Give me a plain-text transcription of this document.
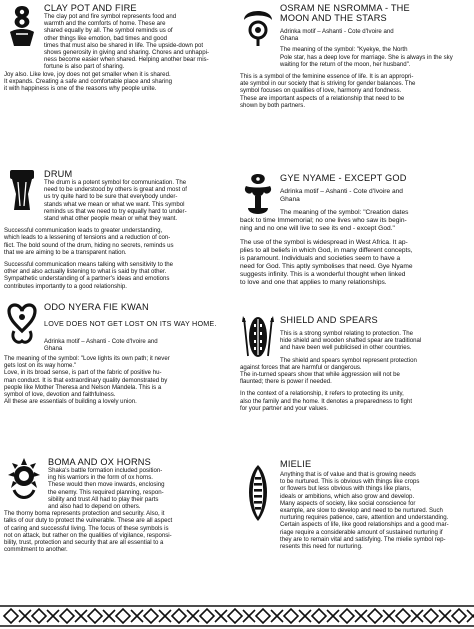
CLAY POT AND FIRE

The clay pot and fire symbol represents food and
warmth and the comforts of home. These are
shared equally by all. The symbol reminds us of
other things like emotion, bad times and good
times that must also be shared in life. The upside-down pot
shows generosity in giving and sharing. Chores and unhappi-
ness become easier when shared. Helping another bear mis-
fortune is also part of sharing.

Joy also. Like love, joy does not get smaller when it is shared.
It expands. Creating a safe and comfortable place and sharing
it with happiness is one of the reasons why people unite.

DRUM

The drum is a potent symbol for communication. The
need to be understood by others is great and most of
us try quite hard to be sure that everybody under-
stands what we mean or what we want. This symbol
reminds us that we need to try equally hard to under-
stand what other people mean or what they want.

Successful communication leads to greater understanding,
which leads to a lessening of tensions and a reduction of con-
flict. The bold sound of the drum, hiding no secrets, reminds us
that we are aiming to be a transparent nation.

Successful communication means talking with sensitivity to the
other and also actually listening to what is said by that other.
Sympathetic understanding of a partner's ideas and emotions
contributes importantly to a good relationship.

ODO NYERA FIE KWAN
LOVE DOES NOT GET LOST ON ITS WAY HOME.

Adrinka motif – Ashanti - Cote d'Ivoire and
Ghana

The meaning of the symbol: "Love lights its own path; it never
gets lost on its way home."
Love, in its broad sense, is part of the fabric of positive hu-
man conduct. It is that extraordinary quality demonstrated by
people like Mother Theresa and Nelson Mandela. This is a
symbol of love, devotion and faithfulness.
All these are essentials of building a lovely union.

BOMA AND OX HORNS

Shaka's battle formation included position-
ing his warriors in the form of ox horns.
These would then move inwards, enclosing
the enemy. This required planning, respon-
sibility and trust All had to play their parts
and also had to depend on others.

The thorny boma represents protection and security. Also, it
talks of our duty to protect the vulnerable. These are all aspect
of caring and successful living. The focus of these symbols is
not on attack, but rather on the qualities of vigilance, responsi-
bility, trust, protection and security that are all essential to a
commitment to another.

OSRAM NE NSROMMA - THE
MOON AND THE STARS

Adrinka motif – Ashanti - Cote d'Ivoire and
Ghana

The meaning of the symbol: "Kyekye, the North
Pole star, has a deep love for marriage. She is always in the sky
waiting for the return of the moon, her husband".

This is a symbol of the feminine essence of life. It is an appropri-
ate symbol in our society that is striving for gender balances. The
symbol focuses on qualities of love, harmony and fondness.
These are important aspects of a relationship that need to be
shown by both partners.

GYE NYAME - EXCEPT GOD

Adrinka motif – Ashanti - Cote d'Ivoire and
Ghana

The meaning of the symbol: "Creation dates
back to time Immemorial; no one lives who saw its begin-
ning and no one will live to see its end - except God."

The use of the symbol is widespread in West Africa. It ap-
plies to all beliefs in which God, in many different concepts,
is paramount. Individuals and societies seem to have a
need for God. This aptly symbolises that need. Gye Nyame
suggests infinity. This is a wonderful thought when linked
to love and one that applies to many relationships.

SHIELD AND SPEARS

This is a strong symbol relating to protection. The
hide shield and wooden shafted spear are traditional
and have been well publicised in other countries.

The shield and spears symbol represent protection
against forces that are harmful or dangerous.
The in-turned spears show that while aggression will not be
flaunted; there is power if needed.

In the context of a relationship, it refers to protecting its unity,
also the family and the home. It denotes a preparedness to fight
for your partner and your values.

MIELIE

Anything that is of value and that is growing needs
to be nurtured. This is obvious with things like crops
or flowers but less obvious with things like plans,
ideals or ambitions, which also grow and develop.
Many aspects of society, like social conscience for
example, are slow to develop and need to be nurtured. Such
nurturing requires patience, care, attention and understanding.
Certain aspects of life, like good relationships and a good mar-
riage require a considerable amount of sustained nurturing if
they are to remain vital and satisfying. The mielie symbol rep-
resents this need for nurturing.
